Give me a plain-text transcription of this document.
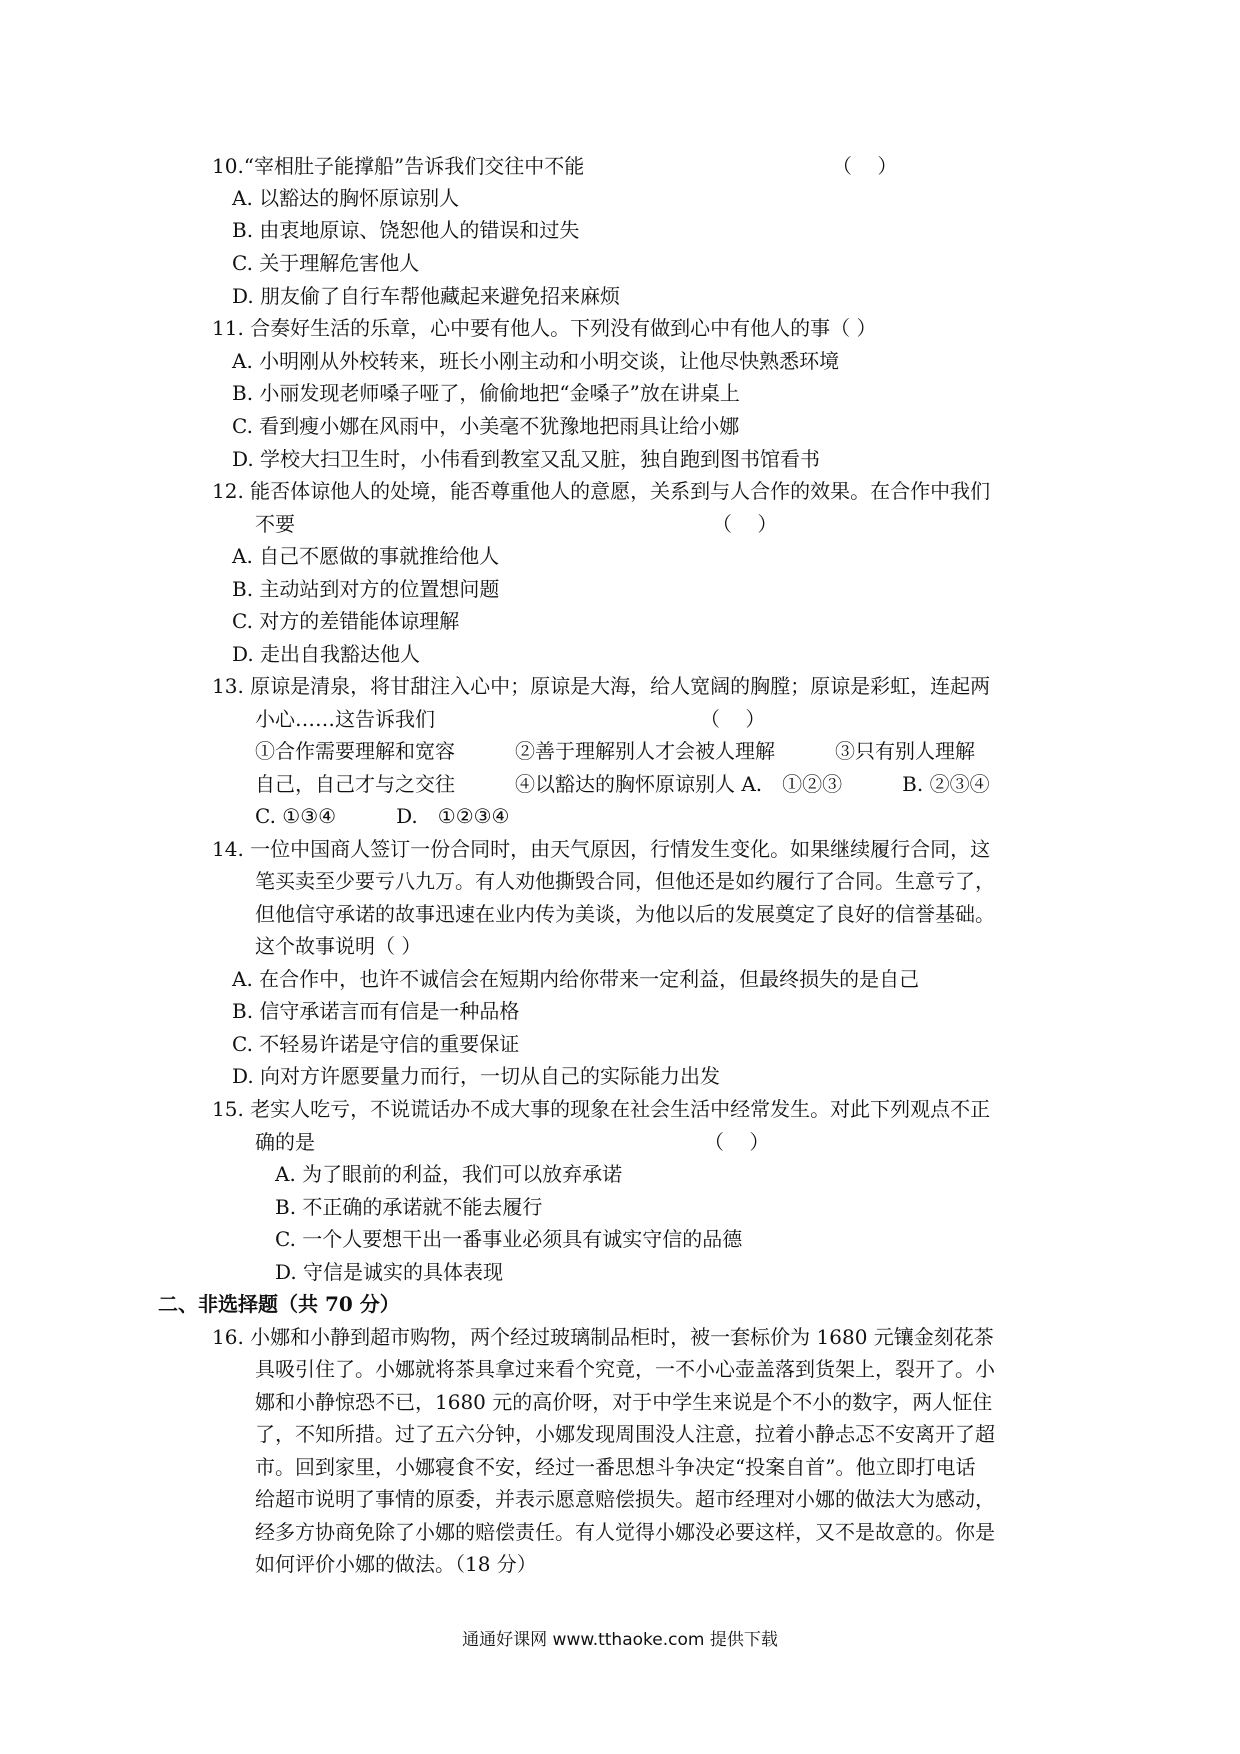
10.“宰相肚子能撑船”告诉我们交往中不能	（    ）
A. 以豁达的胸怀原谅别人
B. 由衷地原谅、饶恕他人的错误和过失
C. 关于理解危害他人
D. 朋友偷了自行车帮他藏起来避免招来麻烦
11. 合奏好生活的乐章，心中要有他人。下列没有做到心中有他人的事（ ）
A. 小明刚从外校转来，班长小刚主动和小明交谈，让他尽快熟悉环境
B. 小丽发现老师嗓子哑了，偷偷地把“金嗓子”放在讲桌上
C. 看到瘦小娜在风雨中，小美毫不犹豫地把雨具让给小娜
D. 学校大扫卫生时，小伟看到教室又乱又脏，独自跑到图书馆看书
12. 能否体谅他人的处境，能否尊重他人的意愿，关系到与人合作的效果。在合作中我们
不要	（    ）
A. 自己不愿做的事就推给他人
B. 主动站到对方的位置想问题
C. 对方的差错能体谅理解
D. 走出自我豁达他人
13. 原谅是清泉，将甘甜注入心中；原谅是大海，给人宽阔的胸膛；原谅是彩虹，连起两
小心……这告诉我们	（    ）
①合作需要理解和宽容　　　②善于理解别人才会被人理解　　　③只有别人理解
自己，自己才与之交往　　　④以豁达的胸怀原谅别人 A.　①②③　　　B. ②③④
C. ①③④　　　D.　①②③④
14. 一位中国商人签订一份合同时，由天气原因，行情发生变化。如果继续履行合同，这
笔买卖至少要亏八九万。有人劝他撕毁合同，但他还是如约履行了合同。生意亏了，
但他信守承诺的故事迅速在业内传为美谈，为他以后的发展奠定了良好的信誉基础。
这个故事说明（ ）
A. 在合作中，也许不诚信会在短期内给你带来一定利益，但最终损失的是自己
B. 信守承诺言而有信是一种品格
C. 不轻易许诺是守信的重要保证
D. 向对方许愿要量力而行，一切从自己的实际能力出发
15. 老实人吃亏，不说谎话办不成大事的现象在社会生活中经常发生。对此下列观点不正
确的是	（    ）
A. 为了眼前的利益，我们可以放弃承诺
B. 不正确的承诺就不能去履行
C. 一个人要想干出一番事业必须具有诚实守信的品德
D. 守信是诚实的具体表现
二、非选择题（共 70 分）
16. 小娜和小静到超市购物，两个经过玻璃制品柜时，被一套标价为 1680 元镶金刻花茶
具吸引住了。小娜就将茶具拿过来看个究竟，一不小心壶盖落到货架上，裂开了。小
娜和小静惊恐不已，1680 元的高价呀，对于中学生来说是个不小的数字，两人怔住
了，不知所措。过了五六分钟，小娜发现周围没人注意，拉着小静忐忑不安离开了超
市。回到家里，小娜寝食不安，经过一番思想斗争决定“投案自首”。他立即打电话
给超市说明了事情的原委，并表示愿意赔偿损失。超市经理对小娜的做法大为感动，
经多方协商免除了小娜的赔偿责任。有人觉得小娜没必要这样，又不是故意的。你是
如何评价小娜的做法。（18 分）
通通好课网 www.tthaoke.com 提供下载
